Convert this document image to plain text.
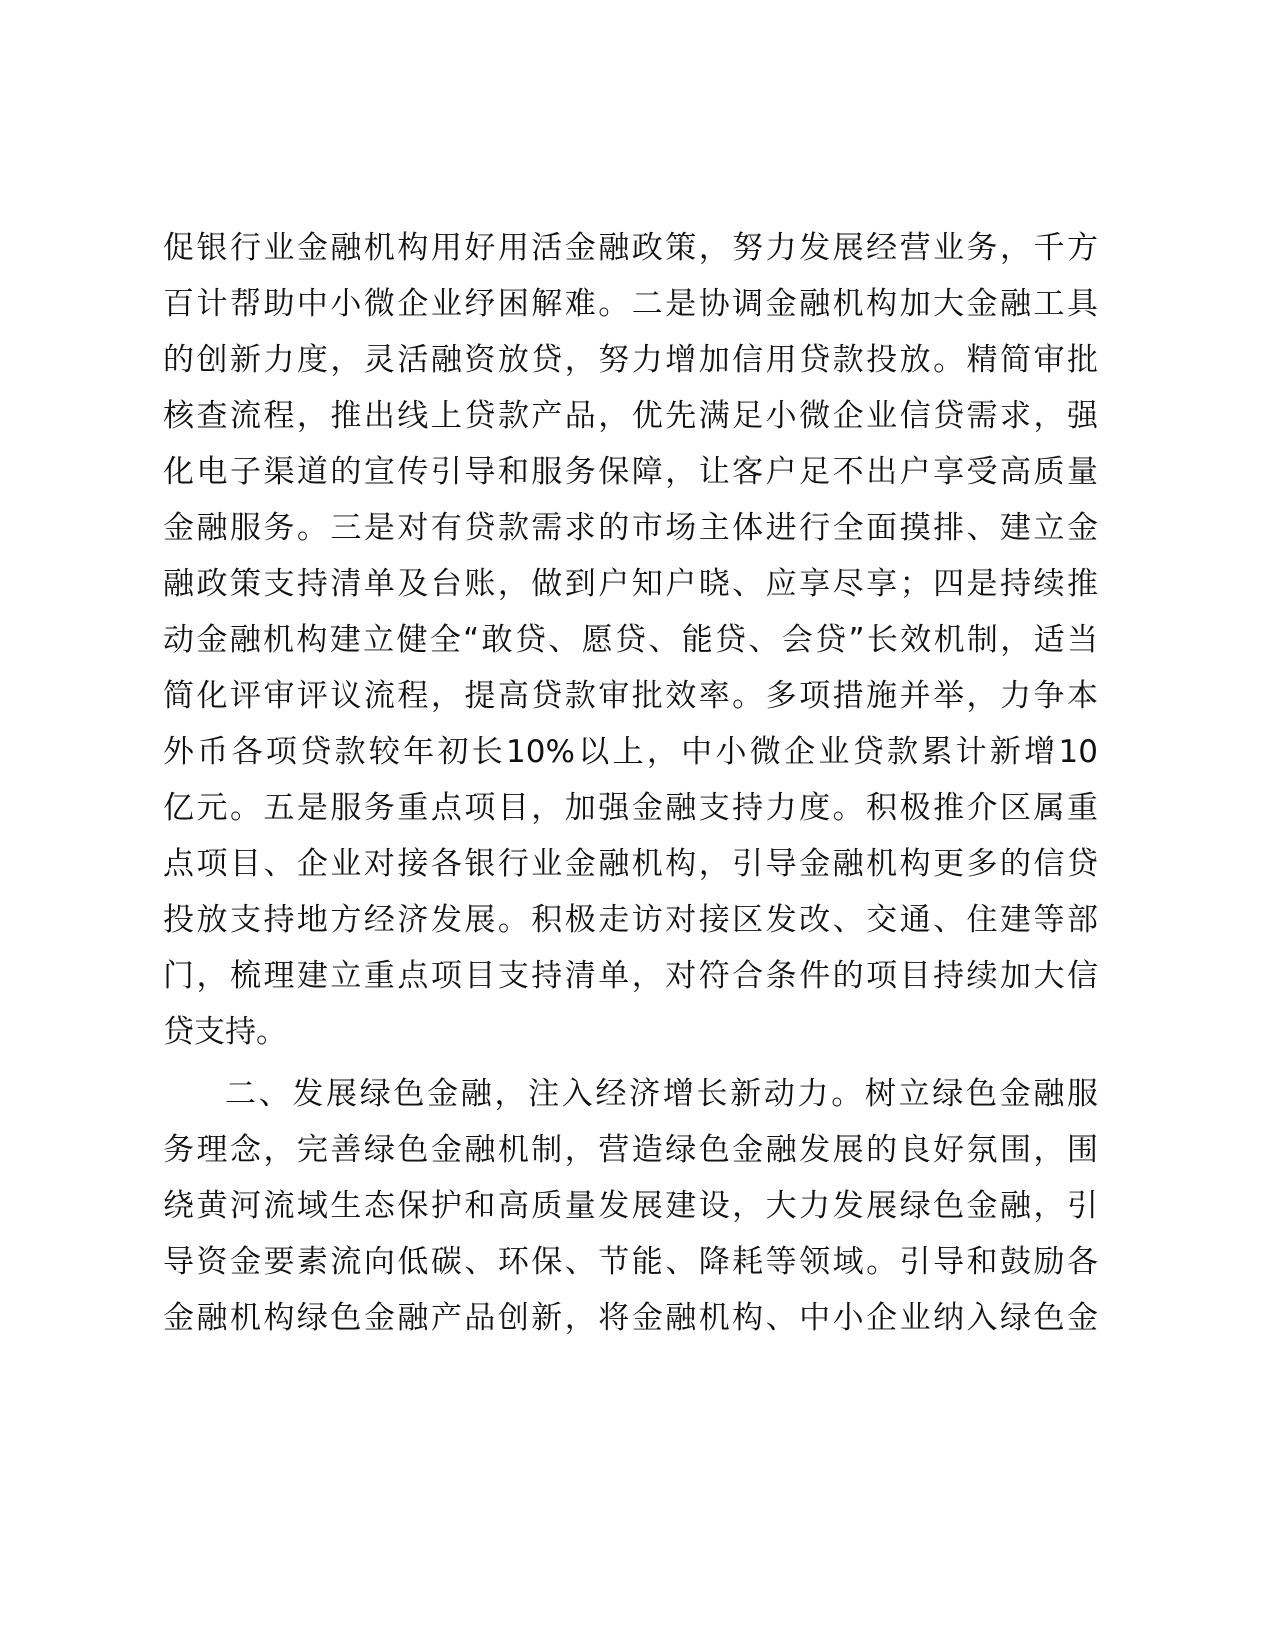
促银行业金融机构用好用活金融政策，努力发展经营业务，千方
百计帮助中小微企业纾困解难。二是协调金融机构加大金融工具
的创新力度，灵活融资放贷，努力增加信用贷款投放。精简审批
核查流程，推出线上贷款产品，优先满足小微企业信贷需求，强
化电子渠道的宣传引导和服务保障，让客户足不出户享受高质量
金融服务。三是对有贷款需求的市场主体进行全面摸排、建立金
融政策支持清单及台账，做到户知户晓、应享尽享；四是持续推
动金融机构建立健全“敢贷、愿贷、能贷、会贷”长效机制，适当
简化评审评议流程，提高贷款审批效率。多项措施并举，力争本
外币各项贷款较年初长10%以上，中小微企业贷款累计新增10
亿元。五是服务重点项目，加强金融支持力度。积极推介区属重
点项目、企业对接各银行业金融机构，引导金融机构更多的信贷
投放支持地方经济发展。积极走访对接区发改、交通、住建等部
门，梳理建立重点项目支持清单，对符合条件的项目持续加大信
贷支持。
二、发展绿色金融，注入经济增长新动力。树立绿色金融服
务理念，完善绿色金融机制，营造绿色金融发展的良好氛围，围
绕黄河流域生态保护和高质量发展建设，大力发展绿色金融，引
导资金要素流向低碳、环保、节能、降耗等领域。引导和鼓励各
金融机构绿色金融产品创新，将金融机构、中小企业纳入绿色金
